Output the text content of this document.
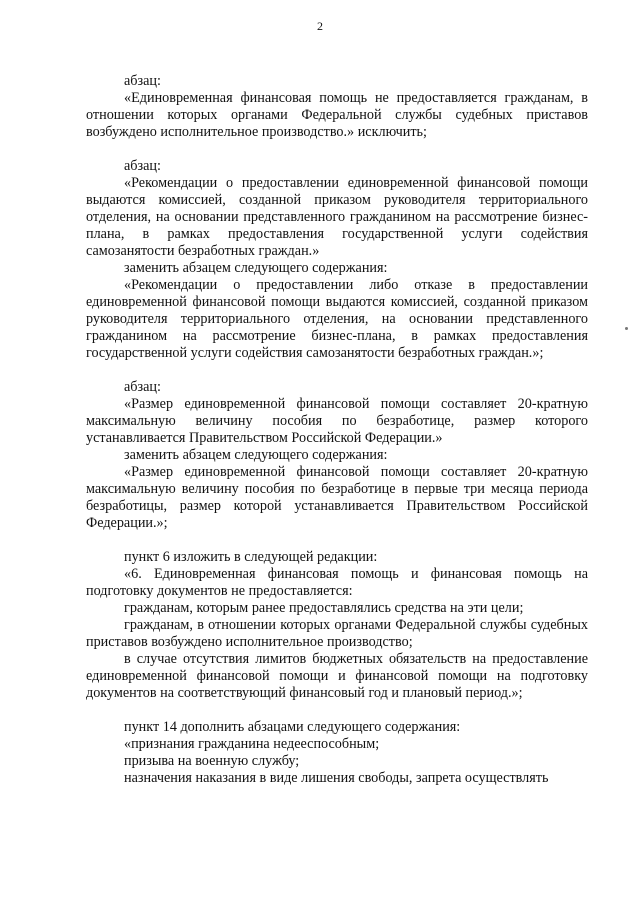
2

абзац:

«Единовременная финансовая помощь не предоставляется гражданам, в отношении которых органами Федеральной службы судебных приставов возбуждено исполнительное производство.» исключить;

абзац:

«Рекомендации о предоставлении единовременной финансовой помощи выдаются комиссией, созданной приказом руководителя территориального отделения, на основании представленного гражданином на рассмотрение бизнес-плана, в рамках предоставления государственной услуги содействия самозанятости безработных граждан.»

заменить абзацем следующего содержания:

«Рекомендации о предоставлении либо отказе в предоставлении единовременной финансовой помощи выдаются комиссией, созданной приказом руководителя территориального отделения, на основании представленного гражданином на рассмотрение бизнес-плана, в рамках предоставления государственной услуги содействия самозанятости безработных граждан.»;

абзац:

«Размер единовременной финансовой помощи составляет 20-кратную максимальную величину пособия по безработице, размер которого устанавливается Правительством Российской Федерации.»

заменить абзацем следующего содержания:

«Размер единовременной финансовой помощи составляет 20-кратную максимальную величину пособия по безработице в первые три месяца периода безработицы, размер которой устанавливается Правительством Российской Федерации.»;

пункт 6 изложить в следующей редакции:

«6. Единовременная финансовая помощь и финансовая помощь на подготовку документов не предоставляется:

гражданам, которым ранее предоставлялись средства на эти цели;

гражданам, в отношении которых органами Федеральной службы судебных приставов возбуждено исполнительное производство;

в случае отсутствия лимитов бюджетных обязательств на предоставление единовременной финансовой помощи и финансовой помощи на подготовку документов на соответствующий финансовый год и плановый период.»;

пункт 14 дополнить абзацами следующего содержания:

«признания гражданина недееспособным;

призыва на военную службу;

назначения наказания в виде лишения свободы, запрета осуществлять
